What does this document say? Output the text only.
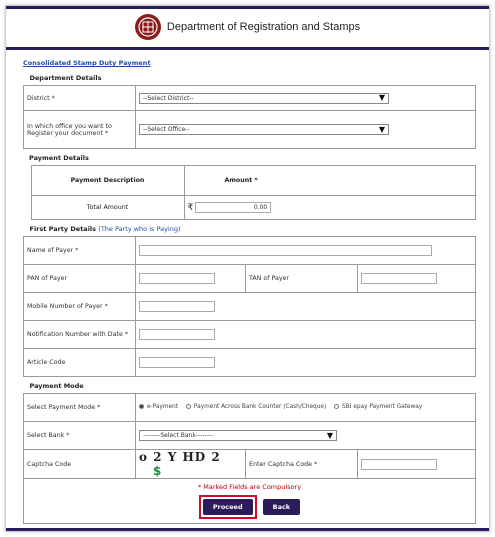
Department of Registration and Stamps
Consolidated Stamp Duty Payment
Department Details	
District *	--Select District-- ▼

In which office you want to Register your document *	--Select Office-- ▼
Payment Details		
	Payment Description	Amount *
	Total Amount	₹ 0.00
First Party Details (The Party who is Paying)			
Name of Payer *			

PAN of Payer		TAN of Payer	

Mobile Number of Payer *			

Notification Number with Date *			

Article Code			
Payment Mode			
Select Payment Mode *	e-Payment
Payment Across Bank Counter (Cash/Cheque)
SBI epay Payment Gateway		

Select Bank *	--------Select Bank-------- ▼		

Captcha Code	o 2 Y HD 2 $	Enter Captcha Code *	

* Marked Fields are Compulsory
Proceed Back			
